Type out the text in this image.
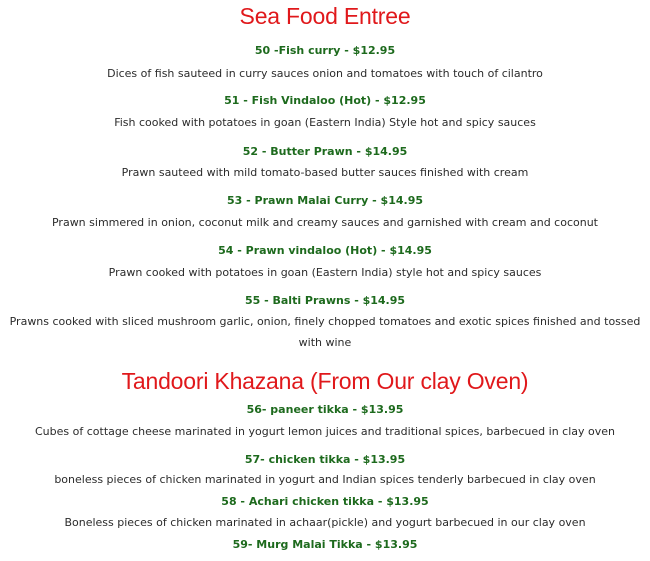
Sea Food Entree
50 -Fish curry - $12.95
Dices of fish sauteed in curry sauces onion and tomatoes with touch of cilantro
51 - Fish Vindaloo (Hot) - $12.95
Fish cooked with potatoes in goan (Eastern India) Style hot and spicy sauces
52 - Butter Prawn - $14.95
Prawn sauteed with mild tomato-based butter sauces finished with cream
53 - Prawn Malai Curry - $14.95
Prawn simmered in onion, coconut milk and creamy sauces and garnished with cream and coconut
54 - Prawn vindaloo (Hot) - $14.95
Prawn cooked with potatoes in goan (Eastern India) style hot and spicy sauces
55 - Balti Prawns - $14.95
Prawns cooked with sliced mushroom garlic, onion, finely chopped tomatoes and exotic spices finished and tossed with wine
Tandoori Khazana (From Our clay Oven)
56- paneer tikka - $13.95
Cubes of cottage cheese marinated in yogurt lemon juices and traditional spices, barbecued in clay oven
57- chicken tikka - $13.95
boneless pieces of chicken marinated in yogurt and Indian spices tenderly barbecued in clay oven
58 - Achari chicken tikka - $13.95
Boneless pieces of chicken marinated in achaar(pickle) and yogurt barbecued in our clay oven
59- Murg Malai Tikka - $13.95
